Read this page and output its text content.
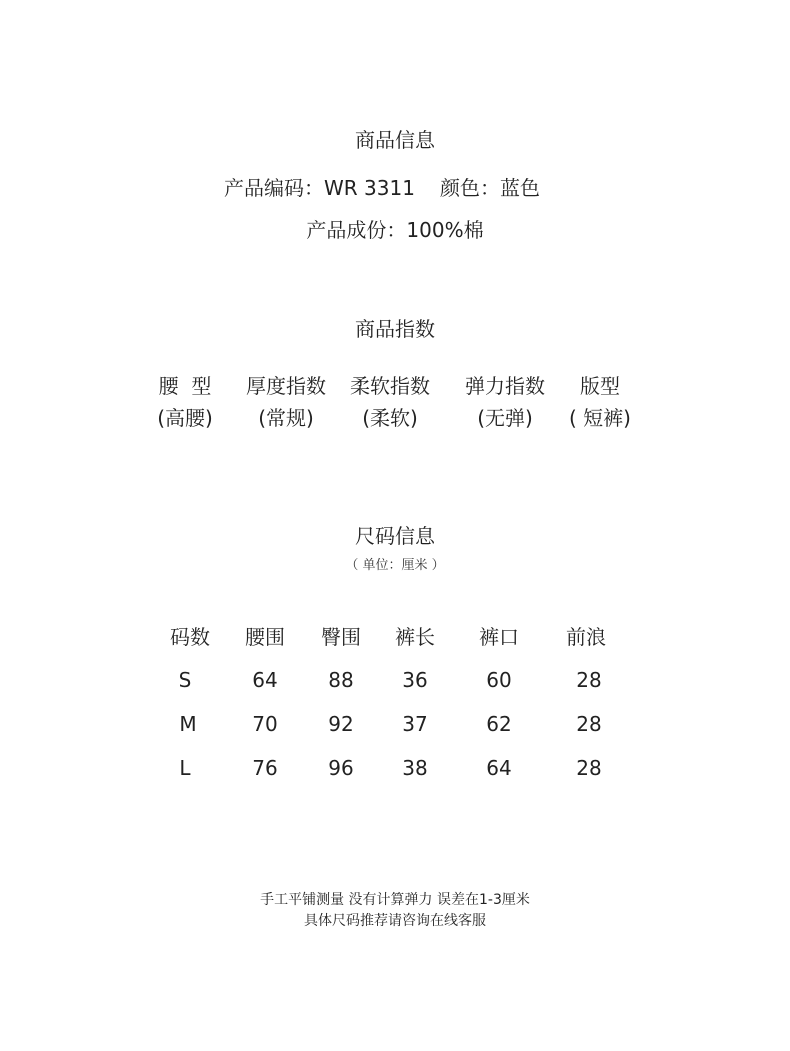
商品信息
产品编码：WR 3311 颜色：蓝色
产品成份：100%棉
商品指数
腰  型 厚度指数 柔软指数 弹力指数 版型
(高腰) (常规) (柔软)	(无弹) ( 短裤)
尺码信息
（ 单位：厘米 ）
码数 腰围 臀围 裤长 裤口 前浪
S	64	88 36	60	28
M	70	92 37	62	28
L	76	96 38	64	28
手工平铺测量 没有计算弹力 误差在1-3厘米
具体尺码推荐请咨询在线客服
